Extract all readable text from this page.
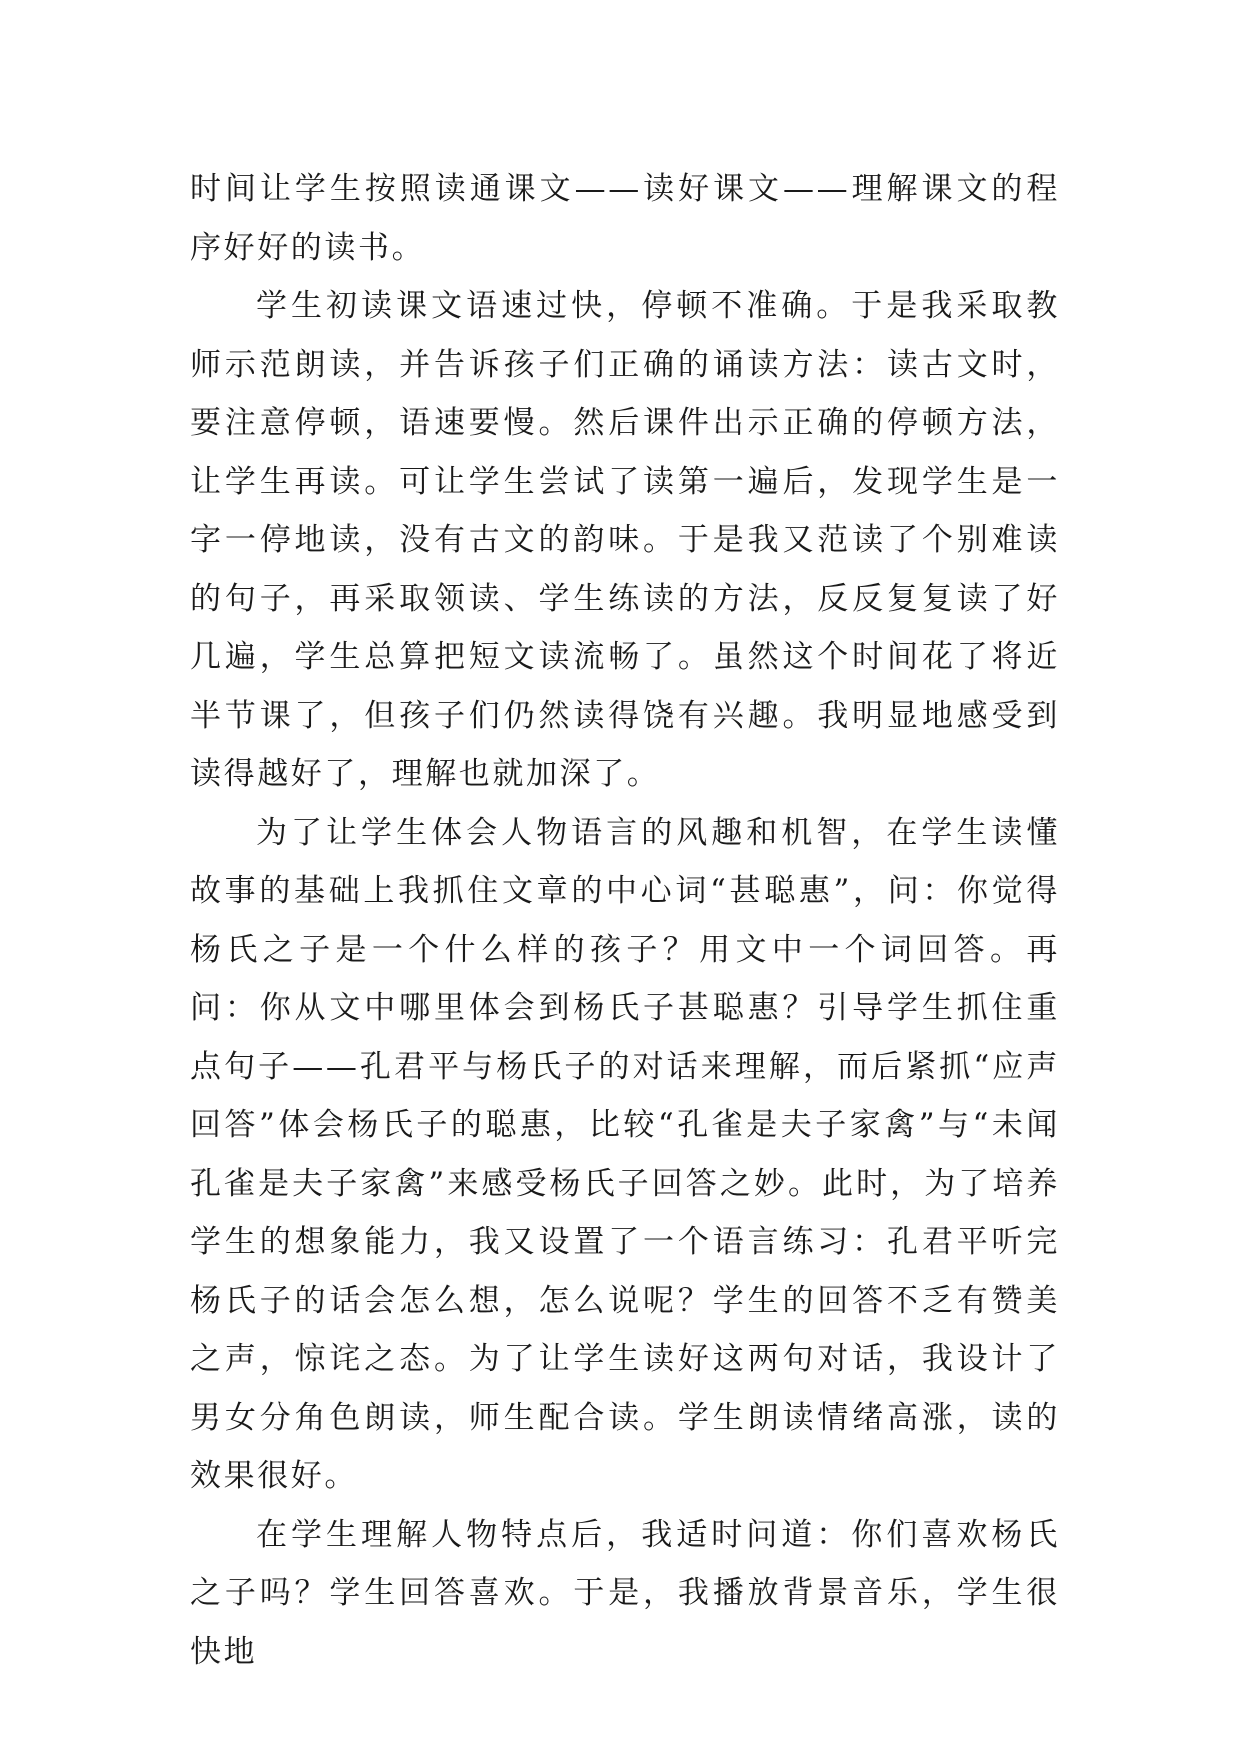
时间让学生按照读通课文——读好课文——理解课文的程序好好的读书。

学生初读课文语速过快，停顿不准确。于是我采取教师示范朗读，并告诉孩子们正确的诵读方法：读古文时，要注意停顿，语速要慢。然后课件出示正确的停顿方法，让学生再读。可让学生尝试了读第一遍后，发现学生是一字一停地读，没有古文的韵味。于是我又范读了个别难读的句子，再采取领读、学生练读的方法，反反复复读了好几遍，学生总算把短文读流畅了。虽然这个时间花了将近半节课了，但孩子们仍然读得饶有兴趣。我明显地感受到读得越好了，理解也就加深了。

为了让学生体会人物语言的风趣和机智，在学生读懂故事的基础上我抓住文章的中心词“甚聪惠”，问：你觉得杨氏之子是一个什么样的孩子？用文中一个词回答。再问：你从文中哪里体会到杨氏子甚聪惠？引导学生抓住重点句子——孔君平与杨氏子的对话来理解，而后紧抓“应声回答”体会杨氏子的聪惠，比较“孔雀是夫子家禽”与“未闻孔雀是夫子家禽”来感受杨氏子回答之妙。此时，为了培养学生的想象能力，我又设置了一个语言练习：孔君平听完杨氏子的话会怎么想，怎么说呢？学生的回答不乏有赞美之声，惊诧之态。为了让学生读好这两句对话，我设计了男女分角色朗读，师生配合读。学生朗读情绪高涨，读的效果很好。

在学生理解人物特点后，我适时问道：你们喜欢杨氏之子吗？学生回答喜欢。于是，我播放背景音乐，学生很快地
